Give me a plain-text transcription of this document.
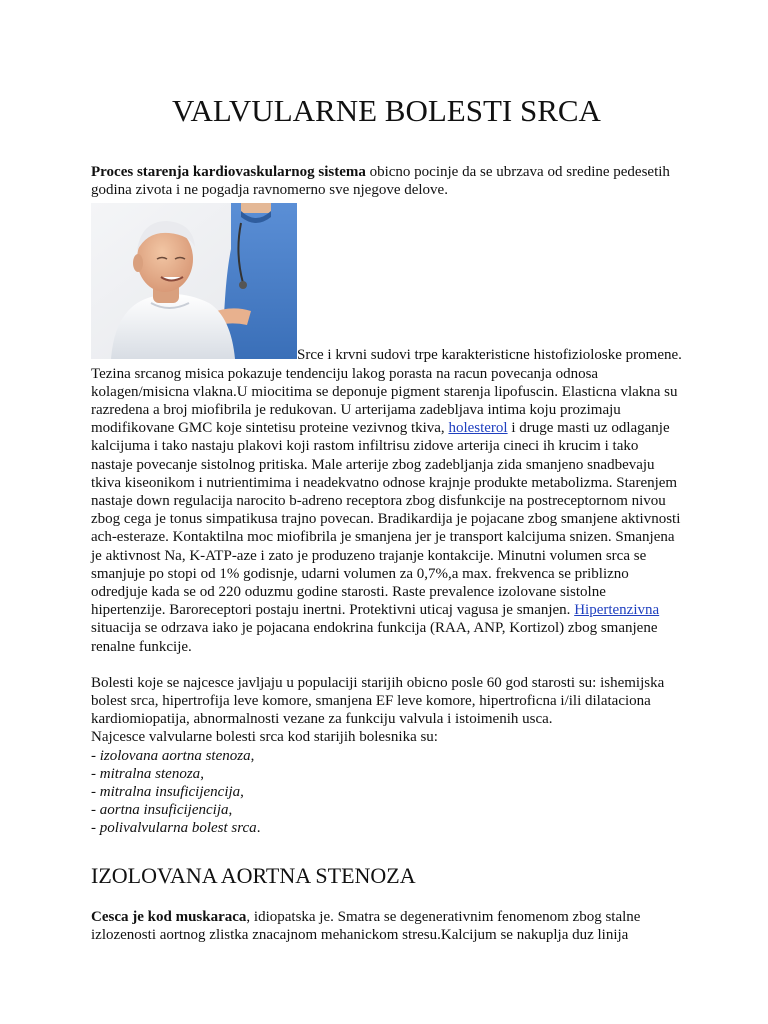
VALVULARNE BOLESTI SRCA

Proces starenja kardiovaskularnog sistema obicno pocinje da se ubrzava od sredine pedesetih godina zivota i ne pogadja ravnomerno sve njegove delove.

Srce i krvni sudovi trpe karakteristicne histofizioloske promene. Tezina srcanog misica pokazuje tendenciju lakog porasta na racun povecanja odnosa kolagen/misicna vlakna.U miocitima se deponuje pigment starenja lipofuscin. Elasticna vlakna su razredena a broj miofibrila je redukovan. U arterijama zadebljava intima koju prozimaju modifikovane GMC koje sintetisu proteine vezivnog tkiva, holesterol i druge masti uz odlaganje kalcijuma i tako nastaju plakovi koji rastom infiltrisu zidove arterija cineci ih krucim i tako nastaje povecanje sistolnog pritiska. Male arterije zbog zadebljanja zida smanjeno snadbevaju tkiva kiseonikom i nutrientimima i neadekvatno odnose krajnje produkte metabolizma. Starenjem nastaje down regulacija narocito b-adreno receptora zbog disfunkcije na postreceptornom nivou zbog cega je tonus simpatikusa trajno povecan. Bradikardija je pojacane zbog smanjene aktivnosti ach-esteraze. Kontaktilna moc miofibrila je smanjena jer je transport kalcijuma snizen. Smanjena je aktivnost Na, K-ATP-aze i zato je produzeno trajanje kontakcije. Minutni volumen srca se smanjuje po stopi od 1% godisnje, udarni volumen za 0,7%,a max. frekvenca se priblizno odredjuje kada se od 220 oduzmu godine starosti. Raste prevalence izolovane sistolne hipertenzije. Baroreceptori postaju inertni. Protektivni uticaj vagusa je smanjen. Hipertenzivna situacija se odrzava iako je pojacana endokrina funkcija (RAA, ANP, Kortizol) zbog smanjene renalne funkcije.

Bolesti koje se najcesce javljaju u populaciji starijih obicno posle 60 god starosti su: ishemijska bolest srca, hipertrofija leve komore, smanjena EF leve komore, hipertroficna i/ili dilataciona kardiomiopatija, abnormalnosti vezane za funkciju valvula i istoimenih usca.

Najcesce valvularne bolesti srca kod starijih bolesnika su:

- izolovana aortna stenoza,
- mitralna stenoza,
- mitralna insuficijencija,
- aortna insuficijencija,
- polivalvularna bolest srca.
IZOLOVANA AORTNA STENOZA

Cesca je kod muskaraca, idiopatska je. Smatra se degenerativnim fenomenom zbog stalne izlozenosti aortnog zlistka znacajnom mehanickom stresu.Kalcijum se nakuplja duz linija
